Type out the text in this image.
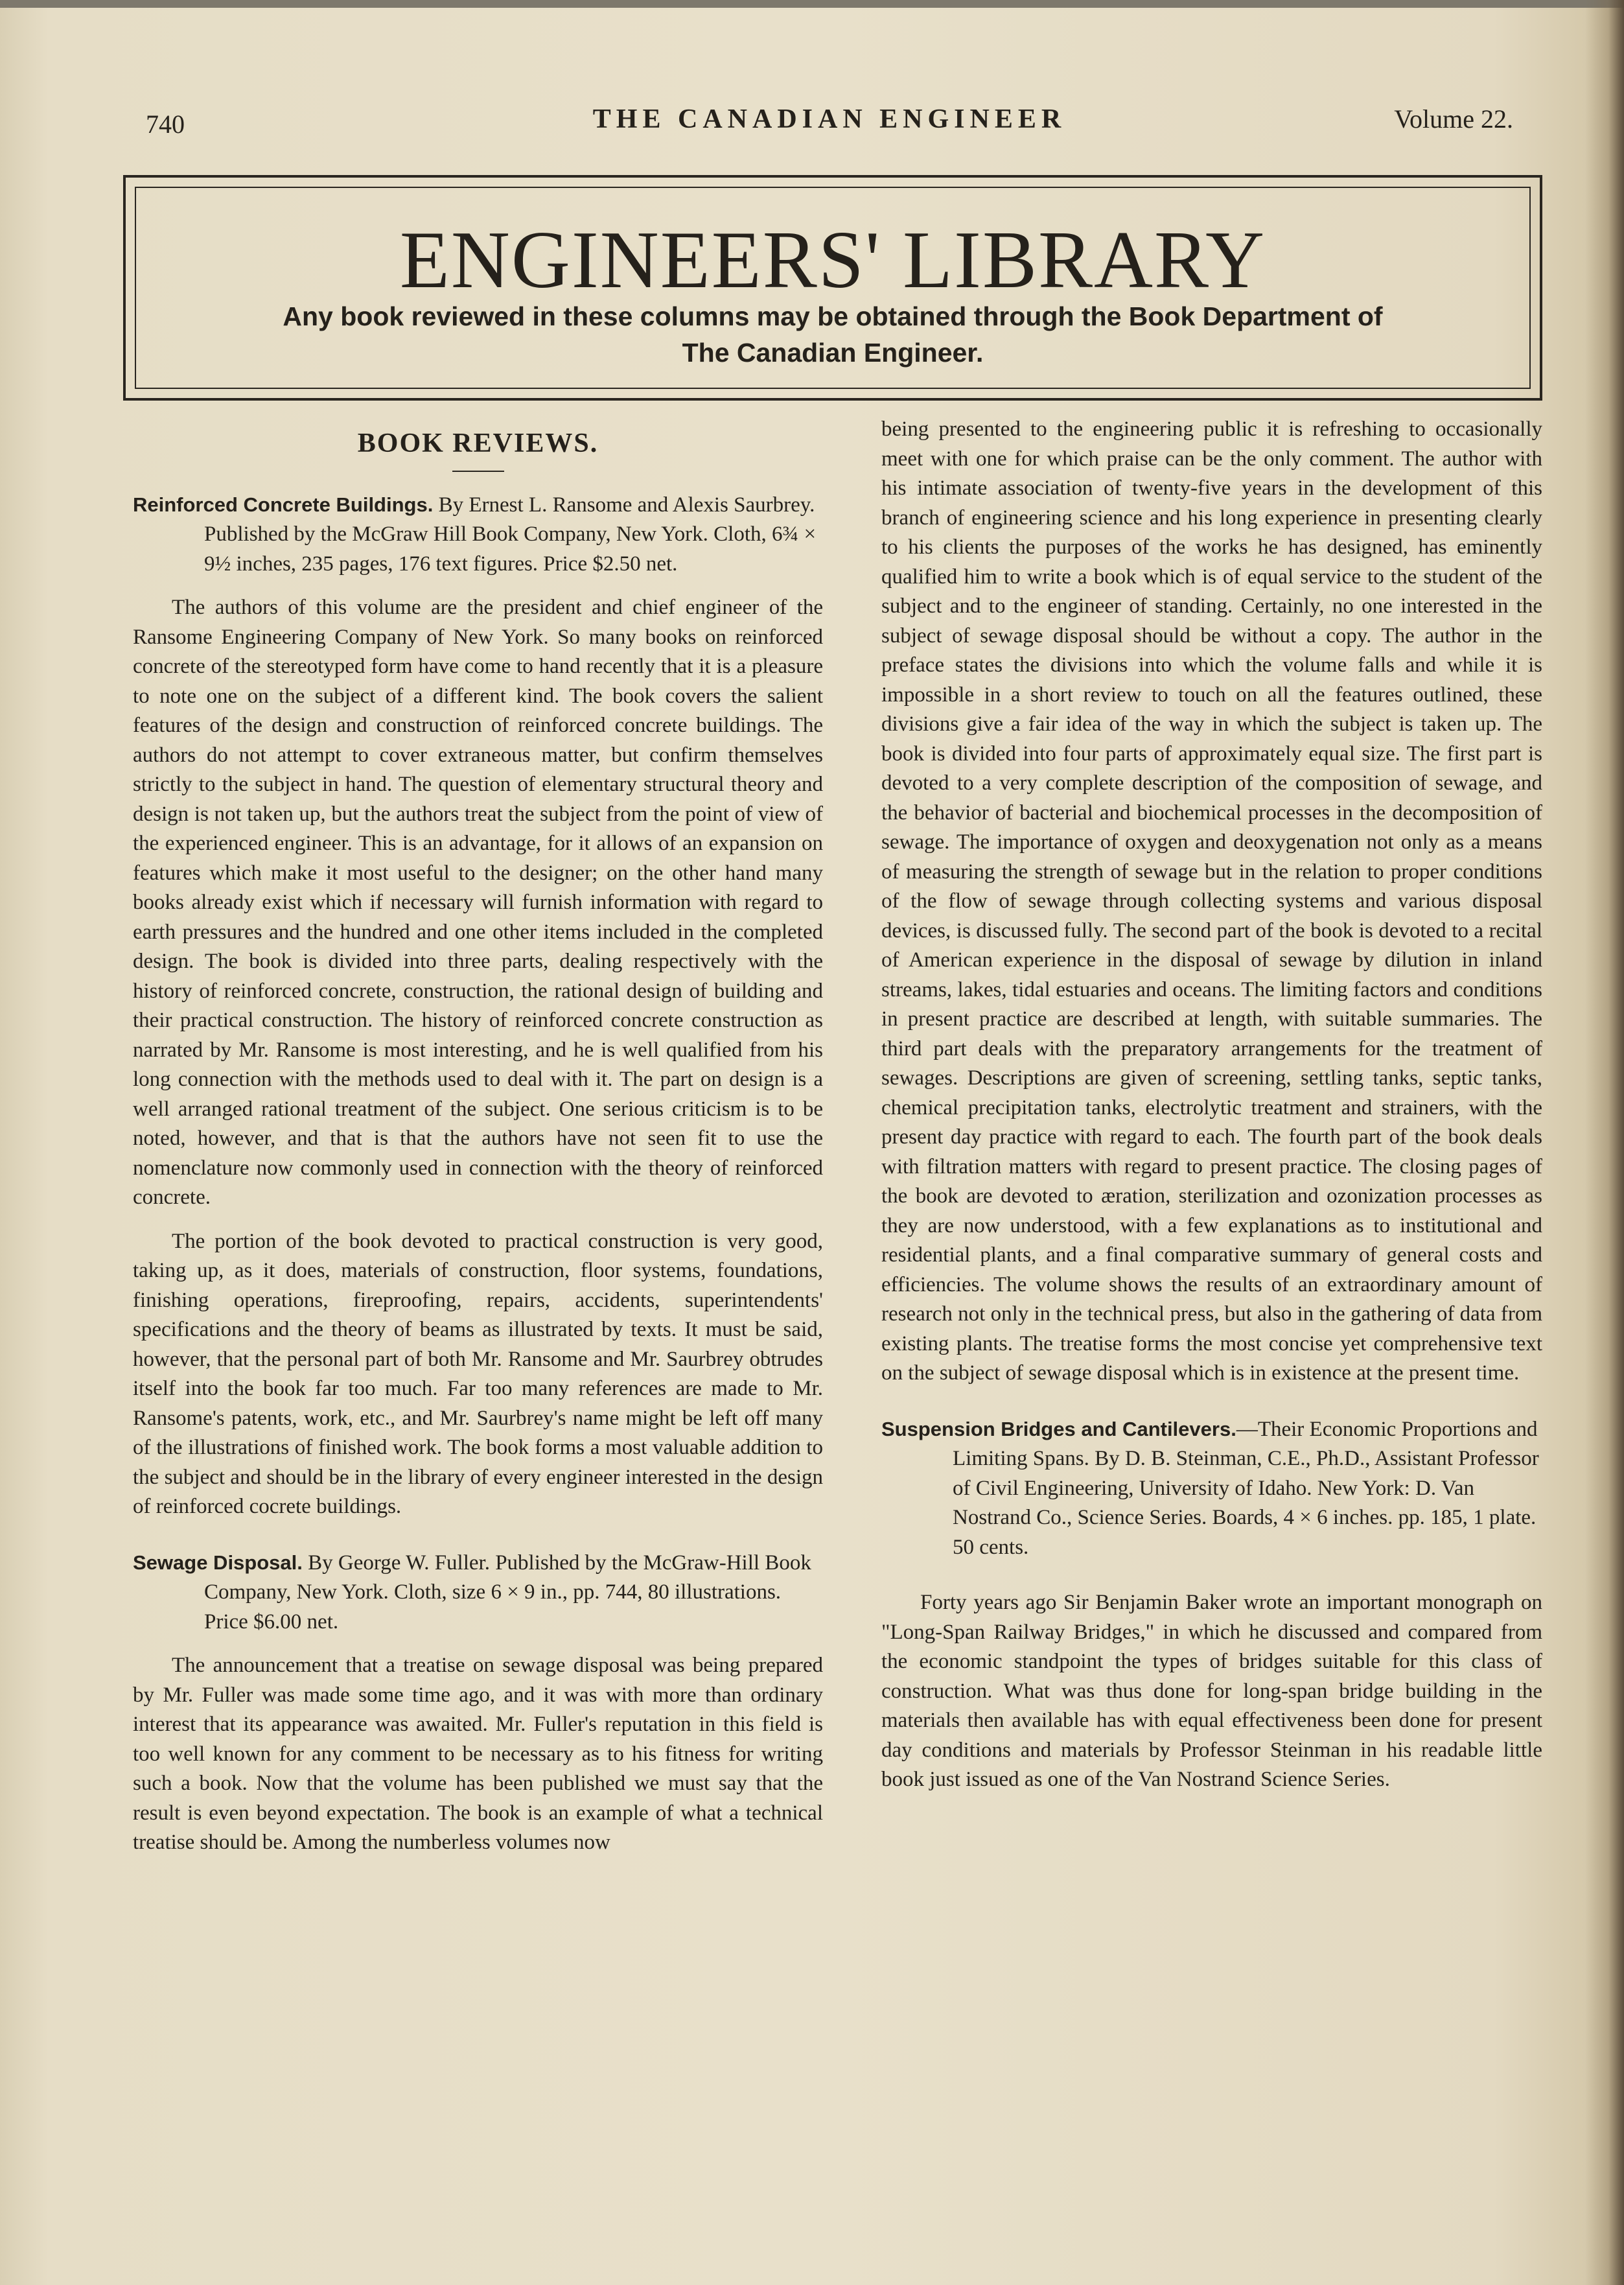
740	THE CANADIAN ENGINEER	Volume 22.
ENGINEERS' LIBRARY
Any book reviewed in these columns may be obtained through the Book Department of
The Canadian Engineer.
BOOK REVIEWS.
Reinforced Concrete Buildings. By Ernest L. Ransome and Alexis Saurbrey. Published by the McGraw Hill Book Company, New York. Cloth, 6¾ × 9½ inches, 235 pages, 176 text figures. Price $2.50 net.

The authors of this volume are the president and chief engineer of the Ransome Engineering Company of New York. So many books on reinforced concrete of the stereotyped form have come to hand recently that it is a pleasure to note one on the subject of a different kind. The book covers the salient features of the design and construction of reinforced concrete buildings. The authors do not attempt to cover extraneous matter, but confirm themselves strictly to the subject in hand. The question of elementary structural theory and design is not taken up, but the authors treat the subject from the point of view of the experienced engineer. This is an advantage, for it allows of an expansion on features which make it most useful to the designer; on the other hand many books already exist which if necessary will furnish information with regard to earth pressures and the hundred and one other items included in the completed design. The book is divided into three parts, dealing respectively with the history of reinforced concrete, construction, the rational design of building and their practical construction. The history of reinforced concrete construction as narrated by Mr. Ransome is most interesting, and he is well qualified from his long connection with the methods used to deal with it. The part on design is a well arranged rational treatment of the subject. One serious criticism is to be noted, however, and that is that the authors have not seen fit to use the nomenclature now commonly used in connection with the theory of reinforced concrete.

The portion of the book devoted to practical construction is very good, taking up, as it does, materials of construction, floor systems, foundations, finishing operations, fireproofing, repairs, accidents, superintendents' specifications and the theory of beams as illustrated by texts. It must be said, however, that the personal part of both Mr. Ransome and Mr. Saurbrey obtrudes itself into the book far too much. Far too many references are made to Mr. Ransome's patents, work, etc., and Mr. Saurbrey's name might be left off many of the illustrations of finished work. The book forms a most valuable addition to the subject and should be in the library of every engineer interested in the design of reinforced cocrete buildings.

Sewage Disposal. By George W. Fuller. Published by the McGraw-Hill Book Company, New York. Cloth, size 6 × 9 in., pp. 744, 80 illustrations. Price $6.00 net.

The announcement that a treatise on sewage disposal was being prepared by Mr. Fuller was made some time ago, and it was with more than ordinary interest that its appearance was awaited. Mr. Fuller's reputation in this field is too well known for any comment to be necessary as to his fitness for writing such a book. Now that the volume has been published we must say that the result is even beyond expectation. The book is an example of what a technical treatise should be. Among the numberless volumes now

being presented to the engineering public it is refreshing to occasionally meet with one for which praise can be the only comment. The author with his intimate association of twenty-five years in the development of this branch of engineering science and his long experience in presenting clearly to his clients the purposes of the works he has designed, has eminently qualified him to write a book which is of equal service to the student of the subject and to the engineer of standing. Certainly, no one interested in the subject of sewage disposal should be without a copy. The author in the preface states the divisions into which the volume falls and while it is impossible in a short review to touch on all the features outlined, these divisions give a fair idea of the way in which the subject is taken up. The book is divided into four parts of approximately equal size. The first part is devoted to a very complete description of the composition of sewage, and the behavior of bacterial and biochemical processes in the decomposition of sewage. The importance of oxygen and deoxygenation not only as a means of measuring the strength of sewage but in the relation to proper conditions of the flow of sewage through collecting systems and various disposal devices, is discussed fully. The second part of the book is devoted to a recital of American experience in the disposal of sewage by dilution in inland streams, lakes, tidal estuaries and oceans. The limiting factors and conditions in present practice are described at length, with suitable summaries. The third part deals with the preparatory arrangements for the treatment of sewages. Descriptions are given of screening, settling tanks, septic tanks, chemical precipitation tanks, electrolytic treatment and strainers, with the present day practice with regard to each. The fourth part of the book deals with filtration matters with regard to present practice. The closing pages of the book are devoted to æration, sterilization and ozonization processes as they are now understood, with a few explanations as to institutional and residential plants, and a final comparative summary of general costs and efficiencies. The volume shows the results of an extraordinary amount of research not only in the technical press, but also in the gathering of data from existing plants. The treatise forms the most concise yet comprehensive text on the subject of sewage disposal which is in existence at the present time.

Suspension Bridges and Cantilevers.—Their Economic Proportions and Limiting Spans. By D. B. Steinman, C.E., Ph.D., Assistant Professor of Civil Engineering, University of Idaho. New York: D. Van Nostrand Co., Science Series. Boards, 4 × 6 inches. pp. 185, 1 plate. 50 cents.

Forty years ago Sir Benjamin Baker wrote an important monograph on "Long-Span Railway Bridges," in which he discussed and compared from the economic standpoint the types of bridges suitable for this class of construction. What was thus done for long-span bridge building in the materials then available has with equal effectiveness been done for present day conditions and materials by Professor Steinman in his readable little book just issued as one of the Van Nostrand Science Series.
